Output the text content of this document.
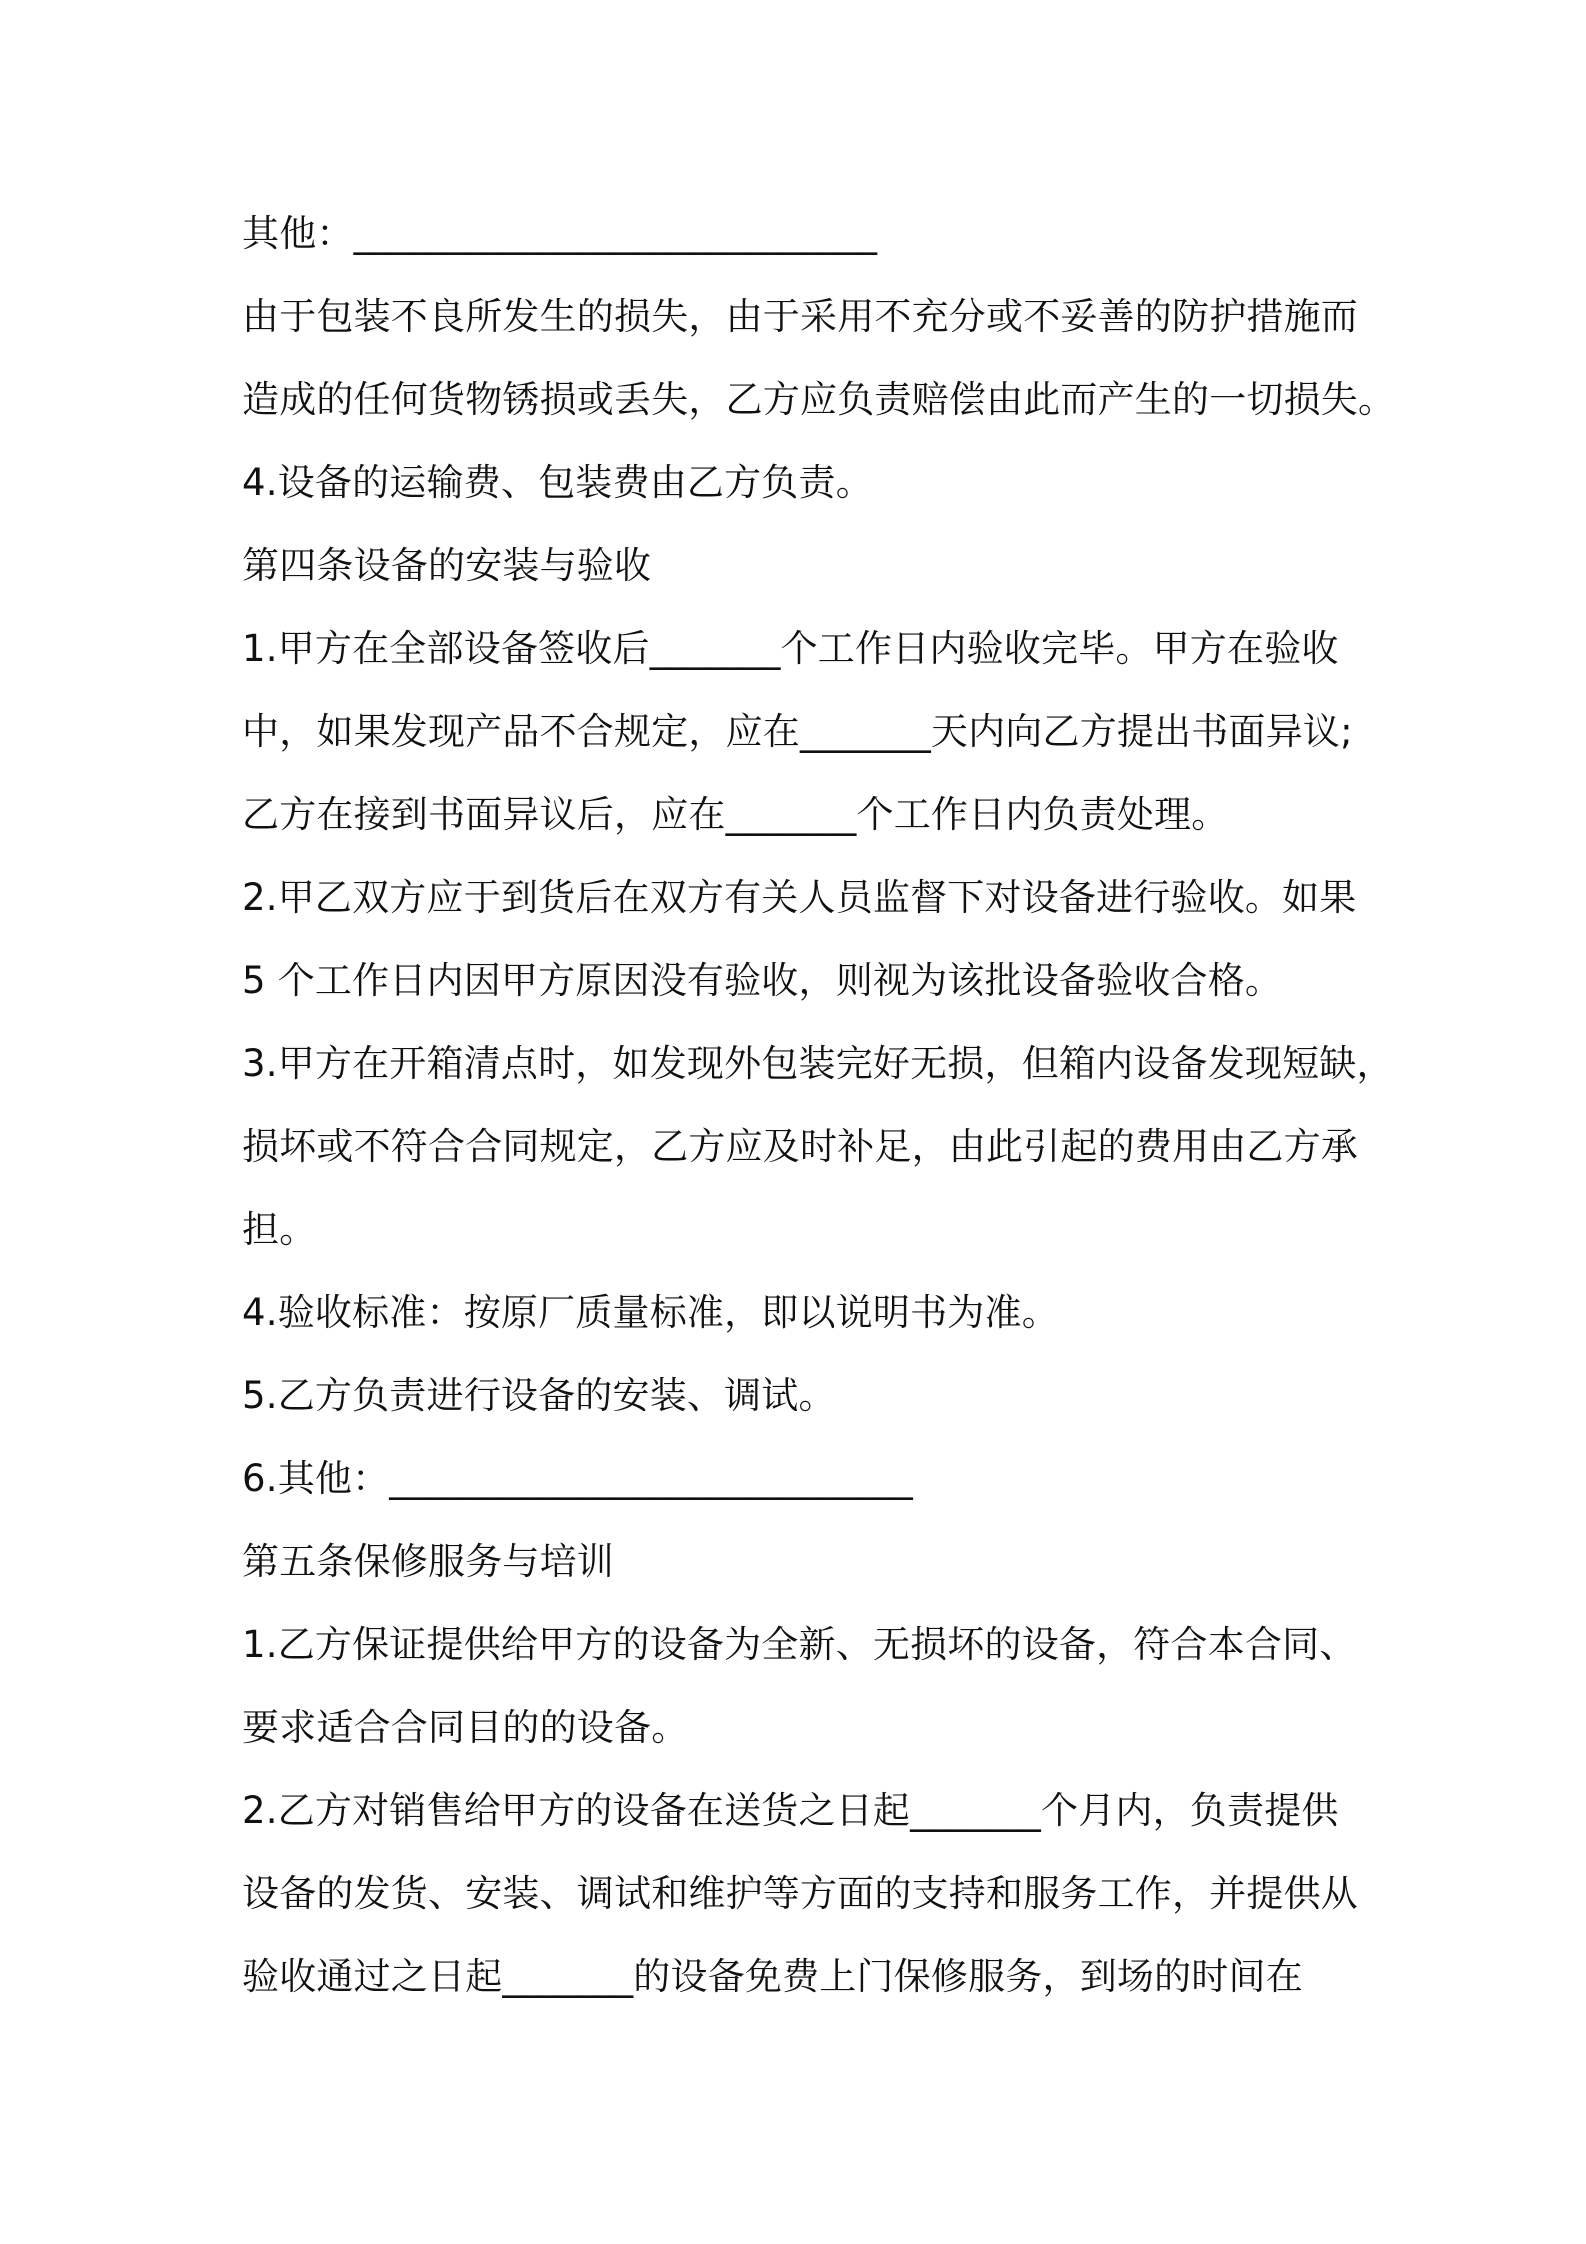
其他：____________________________

由于包装不良所发生的损失，由于采用不充分或不妥善的防护措施而

造成的任何货物锈损或丢失，乙方应负责赔偿由此而产生的一切损失。

4.设备的运输费、包装费由乙方负责。

第四条设备的安装与验收

1.甲方在全部设备签收后_______个工作日内验收完毕。甲方在验收

中，如果发现产品不合规定，应在_______天内向乙方提出书面异议;

乙方在接到书面异议后，应在_______个工作日内负责处理。

2.甲乙双方应于到货后在双方有关人员监督下对设备进行验收。如果

5 个工作日内因甲方原因没有验收，则视为该批设备验收合格。

3.甲方在开箱清点时，如发现外包装完好无损，但箱内设备发现短缺，

损坏或不符合合同规定，乙方应及时补足，由此引起的费用由乙方承

担。

4.验收标准：按原厂质量标准，即以说明书为准。

5.乙方负责进行设备的安装、调试。

6.其他：____________________________

第五条保修服务与培训

1.乙方保证提供给甲方的设备为全新、无损坏的设备，符合本合同、

要求适合合同目的的设备。

2.乙方对销售给甲方的设备在送货之日起_______个月内，负责提供

设备的发货、安装、调试和维护等方面的支持和服务工作，并提供从

验收通过之日起_______的设备免费上门保修服务，到场的时间在
